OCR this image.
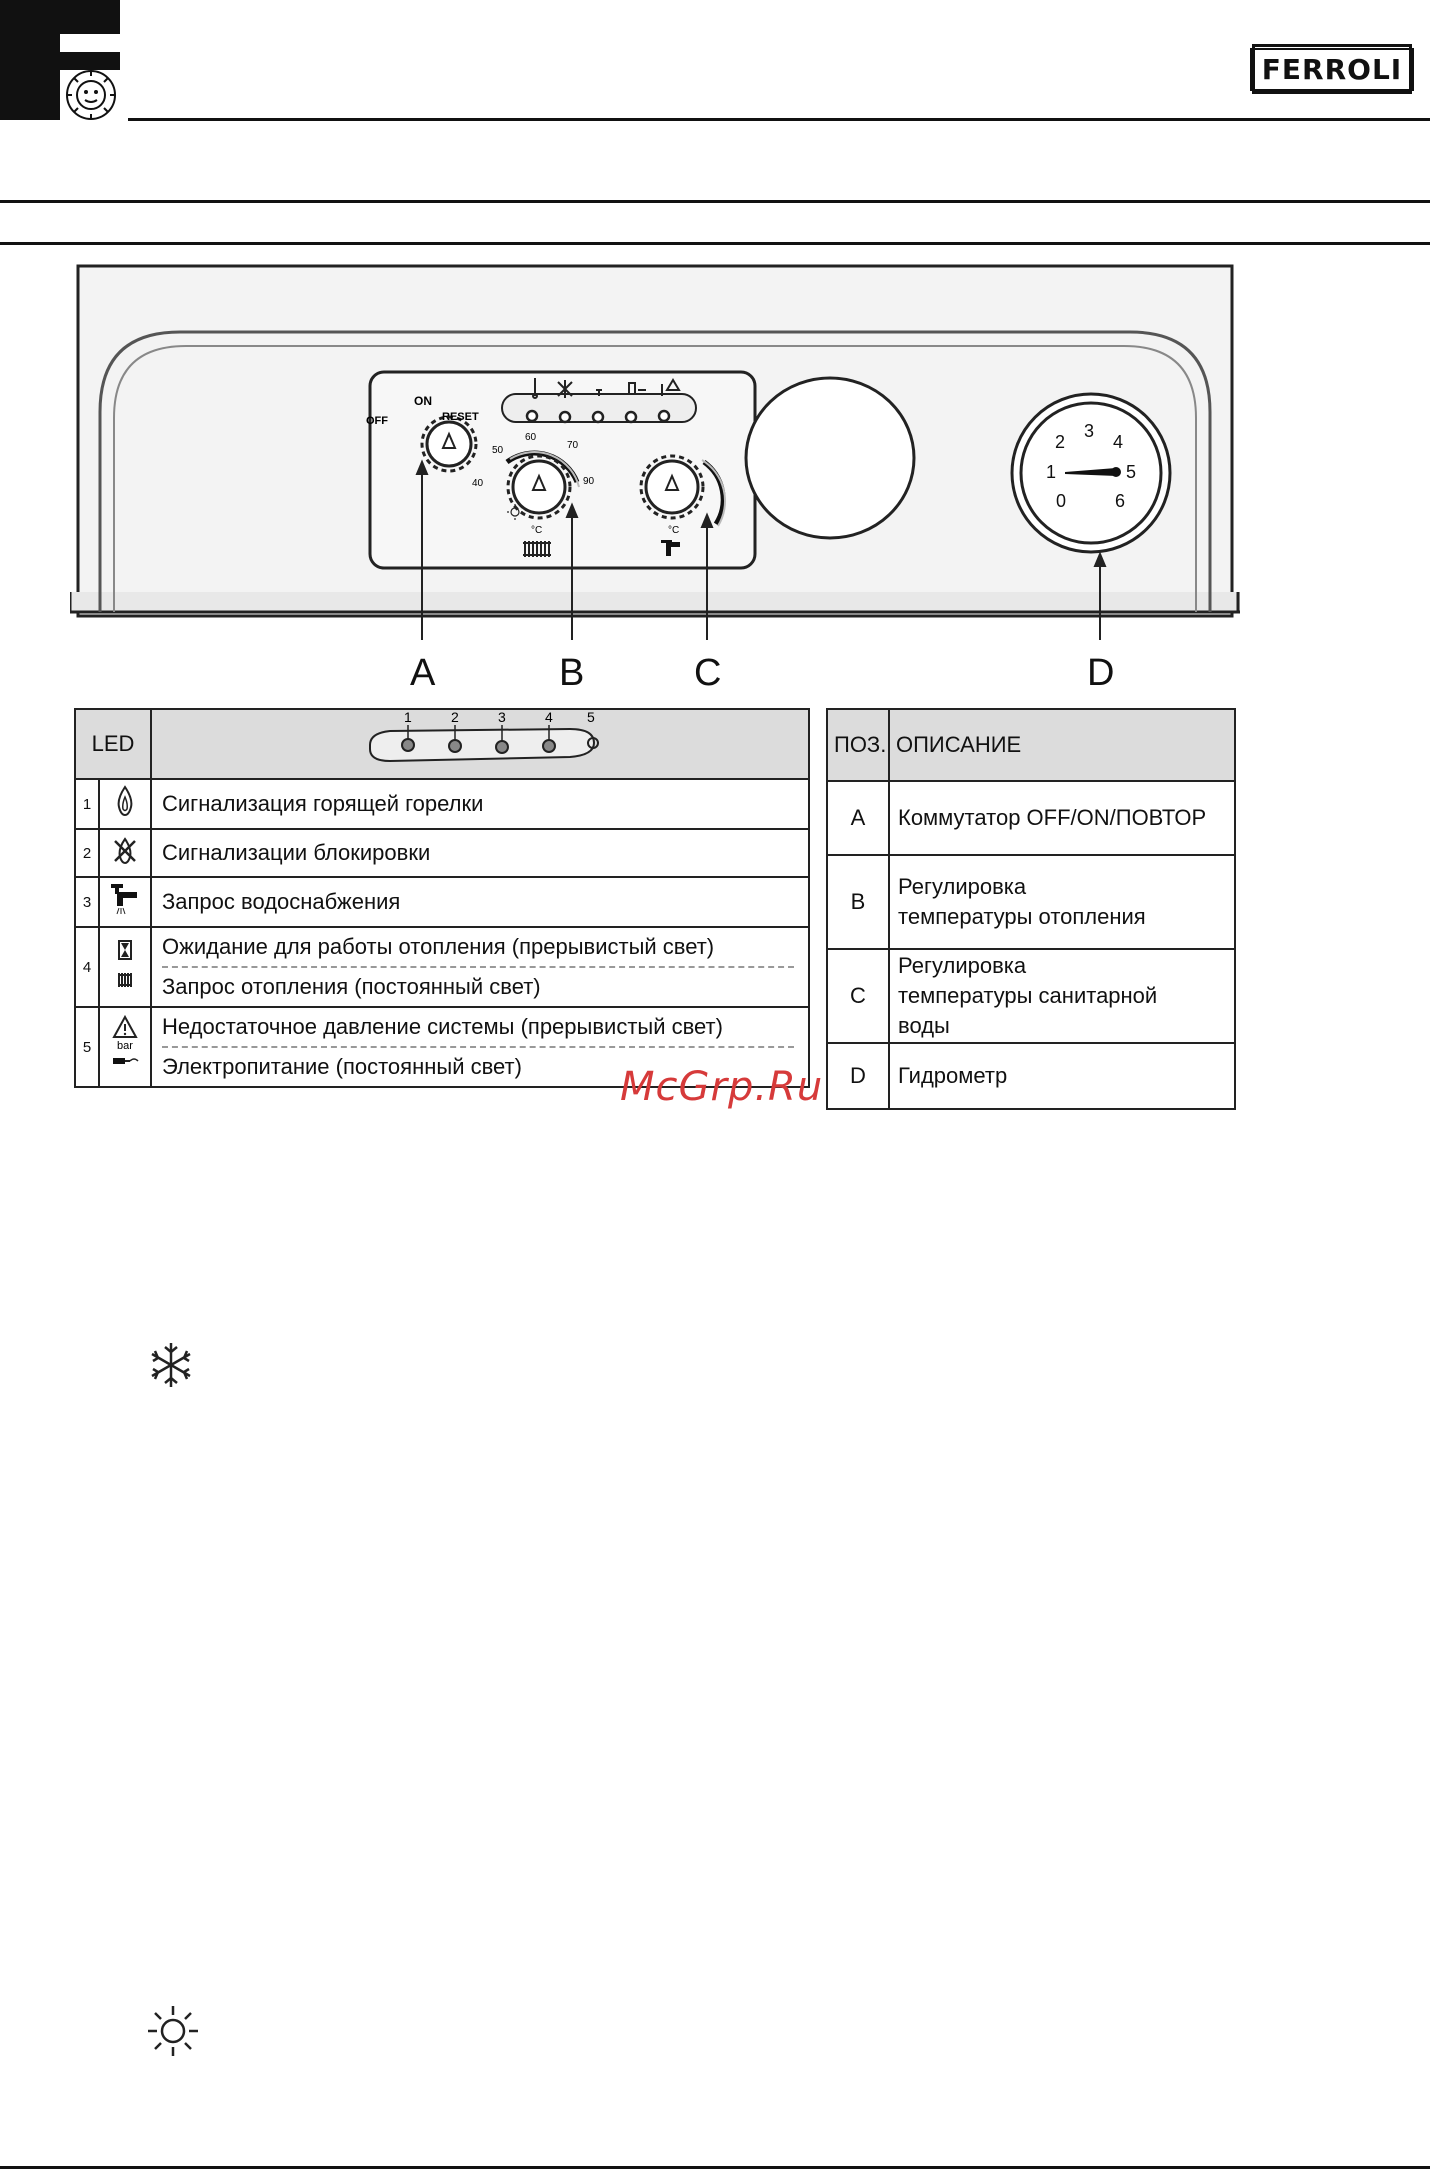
FERROLI
ON
OFF	RESET
50
40
60
70
90
°C	°C
0
1
2
3
4
5
6
A	B	C	D
LED		1 2 3 4 5

1		Сигнализация горящей горелки
2		Сигнализации блокировки
3		Запрос водоснабжения
4		Ожидание для работы отопления (прерывистый свет)
Запрос отопления (постоянный свет)

5	bar	Недостаточное давление системы (прерывистый свет)
Электропитание (постоянный свет)
ПОЗ.	ОПИСАНИЕ
A	Коммутатор OFF/ON/ПОВТОР
B	Регулировка температуры отопления
C	Регулировка температуры санитарной воды
D	Гидрометр
McGrp.Ru
